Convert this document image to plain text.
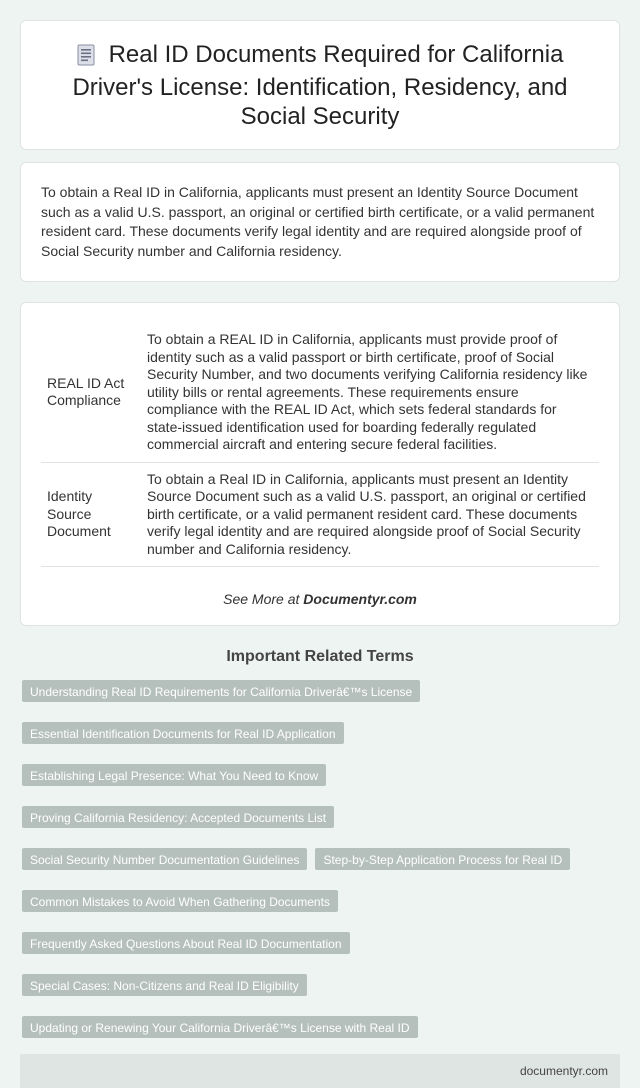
Real ID Documents Required for California Driver's License: Identification, Residency, and Social Security

To obtain a Real ID in California, applicants must present an Identity Source Document such as a valid U.S. passport, an original or certified birth certificate, or a valid permanent resident card. These documents verify legal identity and are required alongside proof of Social Security number and California residency.

REAL ID Act Compliance	To obtain a REAL ID in California, applicants must provide proof of identity such as a valid passport or birth certificate, proof of Social Security Number, and two documents verifying California residency like utility bills or rental agreements. These requirements ensure compliance with the REAL ID Act, which sets federal standards for state-issued identification used for boarding federally regulated commercial aircraft and entering secure federal facilities.
Identity Source Document	To obtain a Real ID in California, applicants must present an Identity Source Document such as a valid U.S. passport, an original or certified birth certificate, or a valid permanent resident card. These documents verify legal identity and are required alongside proof of Social Security number and California residency.

See More at Documentyr.com

Important Related Terms
Understanding Real ID Requirements for California Driverâ€™s License
Essential Identification Documents for Real ID Application
Establishing Legal Presence: What You Need to Know
Proving California Residency: Accepted Documents List
Social Security Number Documentation Guidelines	Step-by-Step Application Process for Real ID
Common Mistakes to Avoid When Gathering Documents
Frequently Asked Questions About Real ID Documentation
Special Cases: Non-Citizens and Real ID Eligibility
Updating or Renewing Your California Driverâ€™s License with Real ID
documentyr.com
